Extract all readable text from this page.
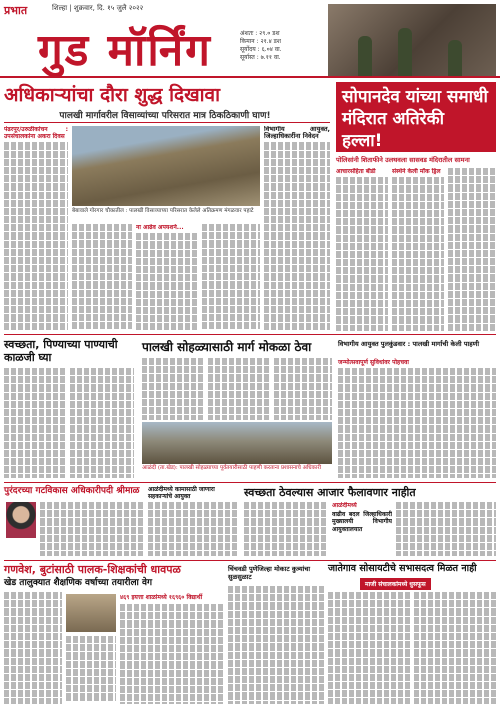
प्रभात	शिल्हा | शुक्रवार, दि. १५ जुलै २०२२
गुड मॉर्निंग	अंशतः : २९.० डश
किमान : २१.४ डश
सूर्योदय : ६.०४ वा.
सूर्यास्त : ७.११ वा.
अधिकाऱ्यांचा दौरा शुद्ध दिखावा
पालखी मार्गावरील विसाव्यांच्या परिसरात मात्र ठिकठिकाणी घाण!
पंढरपूर/उरुळीकांचन : उपसंचालकांना अकरा दिवस
बेबावाले गोरगार चौकातील : पालखी विसाव्याच्या परिसरात केलेले अतिक्रमण मंगळवार पहाटे
ना आढेव अपयशने...
विभागीय आयुक्त, जिल्हाधिकारींना निवेदन
सोपानदेव यांच्या समाधी मंदिरात अतिरेकी हल्ला!
पोलिसांनी शिताफीने उलथवला सासवड मंदिरातील सामना
आचारसंहिता बीडी	संस्थेने केली मॉक ड्रिल
स्वच्छता, पिण्याच्या पाण्याची काळजी घ्या
पालखी सोहळ्यासाठी मार्ग मोकळा ठेवा
आळंदी (ता.खेड): पालखी सोहळ्याच्या पूर्वतयारीसाठी पाहणी करताना प्रशासनाचे अधिकारी
विभागीय आयुक्त पुलकुंडवार : पालखी मार्गाची केली पाहणी
जन्मोत्सवापूर्ण सुविधांवर पोहचवा
पुरंदरच्या गटविकास अधिकारीपदी श्रीमाळ	आळंदीमध्ये कामासाठी जाणारा सहकाऱ्यांचे आयुक्त	स्वच्छता ठेवल्यास आजार फैलावणार नाहीत
आळंदीमध्ये
वाढीव बदल जिल्हाधिकारी मुख्यालयी विभागीय आयुक्तालयात
गणवेश, बुटांसाठी पालक-शिक्षकांची धावपळ
खेड तालुक्यात शैक्षणिक वर्षाच्या तयारीला वेग
४६९ इयत्ता शाळांमध्ये १६९६० विद्यार्थी
चिंचवडी पुणेजिल्हा मोकाट कुत्र्यांचा सुळसुळाट
जातेगाव सोसायटीचे सभासदत्व मिळत नाही
माजी संचालकांमध्ये धुसफूस
